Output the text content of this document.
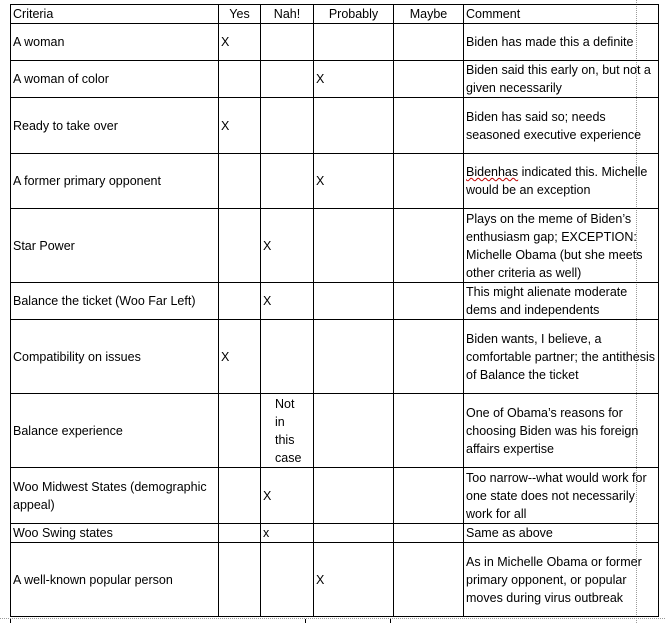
Criteria	Yes	Nah!	Probably	Maybe	Comment
A woman	X				Biden has made this a definite
A woman of color			X		Biden said this early on, but not a given necessarily
Ready to take over	X				Biden has said so; needs seasoned executive experience
A former primary opponent			X		Bidenhas indicated this. Michelle would be an exception
Star Power		X			Plays on the meme of Biden’s enthusiasm gap; EXCEPTION: Michelle Obama (but she meets other criteria as well)
Balance the ticket (Woo Far Left)		X			This might alienate moderate dems and independents
Compatibility on issues	X				Biden wants, I believe, a comfortable partner; the antithesis of Balance the ticket
Balance experience		Not in this case			One of Obama’s reasons for choosing Biden was his foreign affairs expertise
Woo Midwest States (demographic appeal)		X			Too narrow--what would work for one state does not necessarily work for all
Woo Swing states		x			Same as above
A well-known popular person			X		As in Michelle Obama or former primary opponent, or popular moves during virus outbreak
